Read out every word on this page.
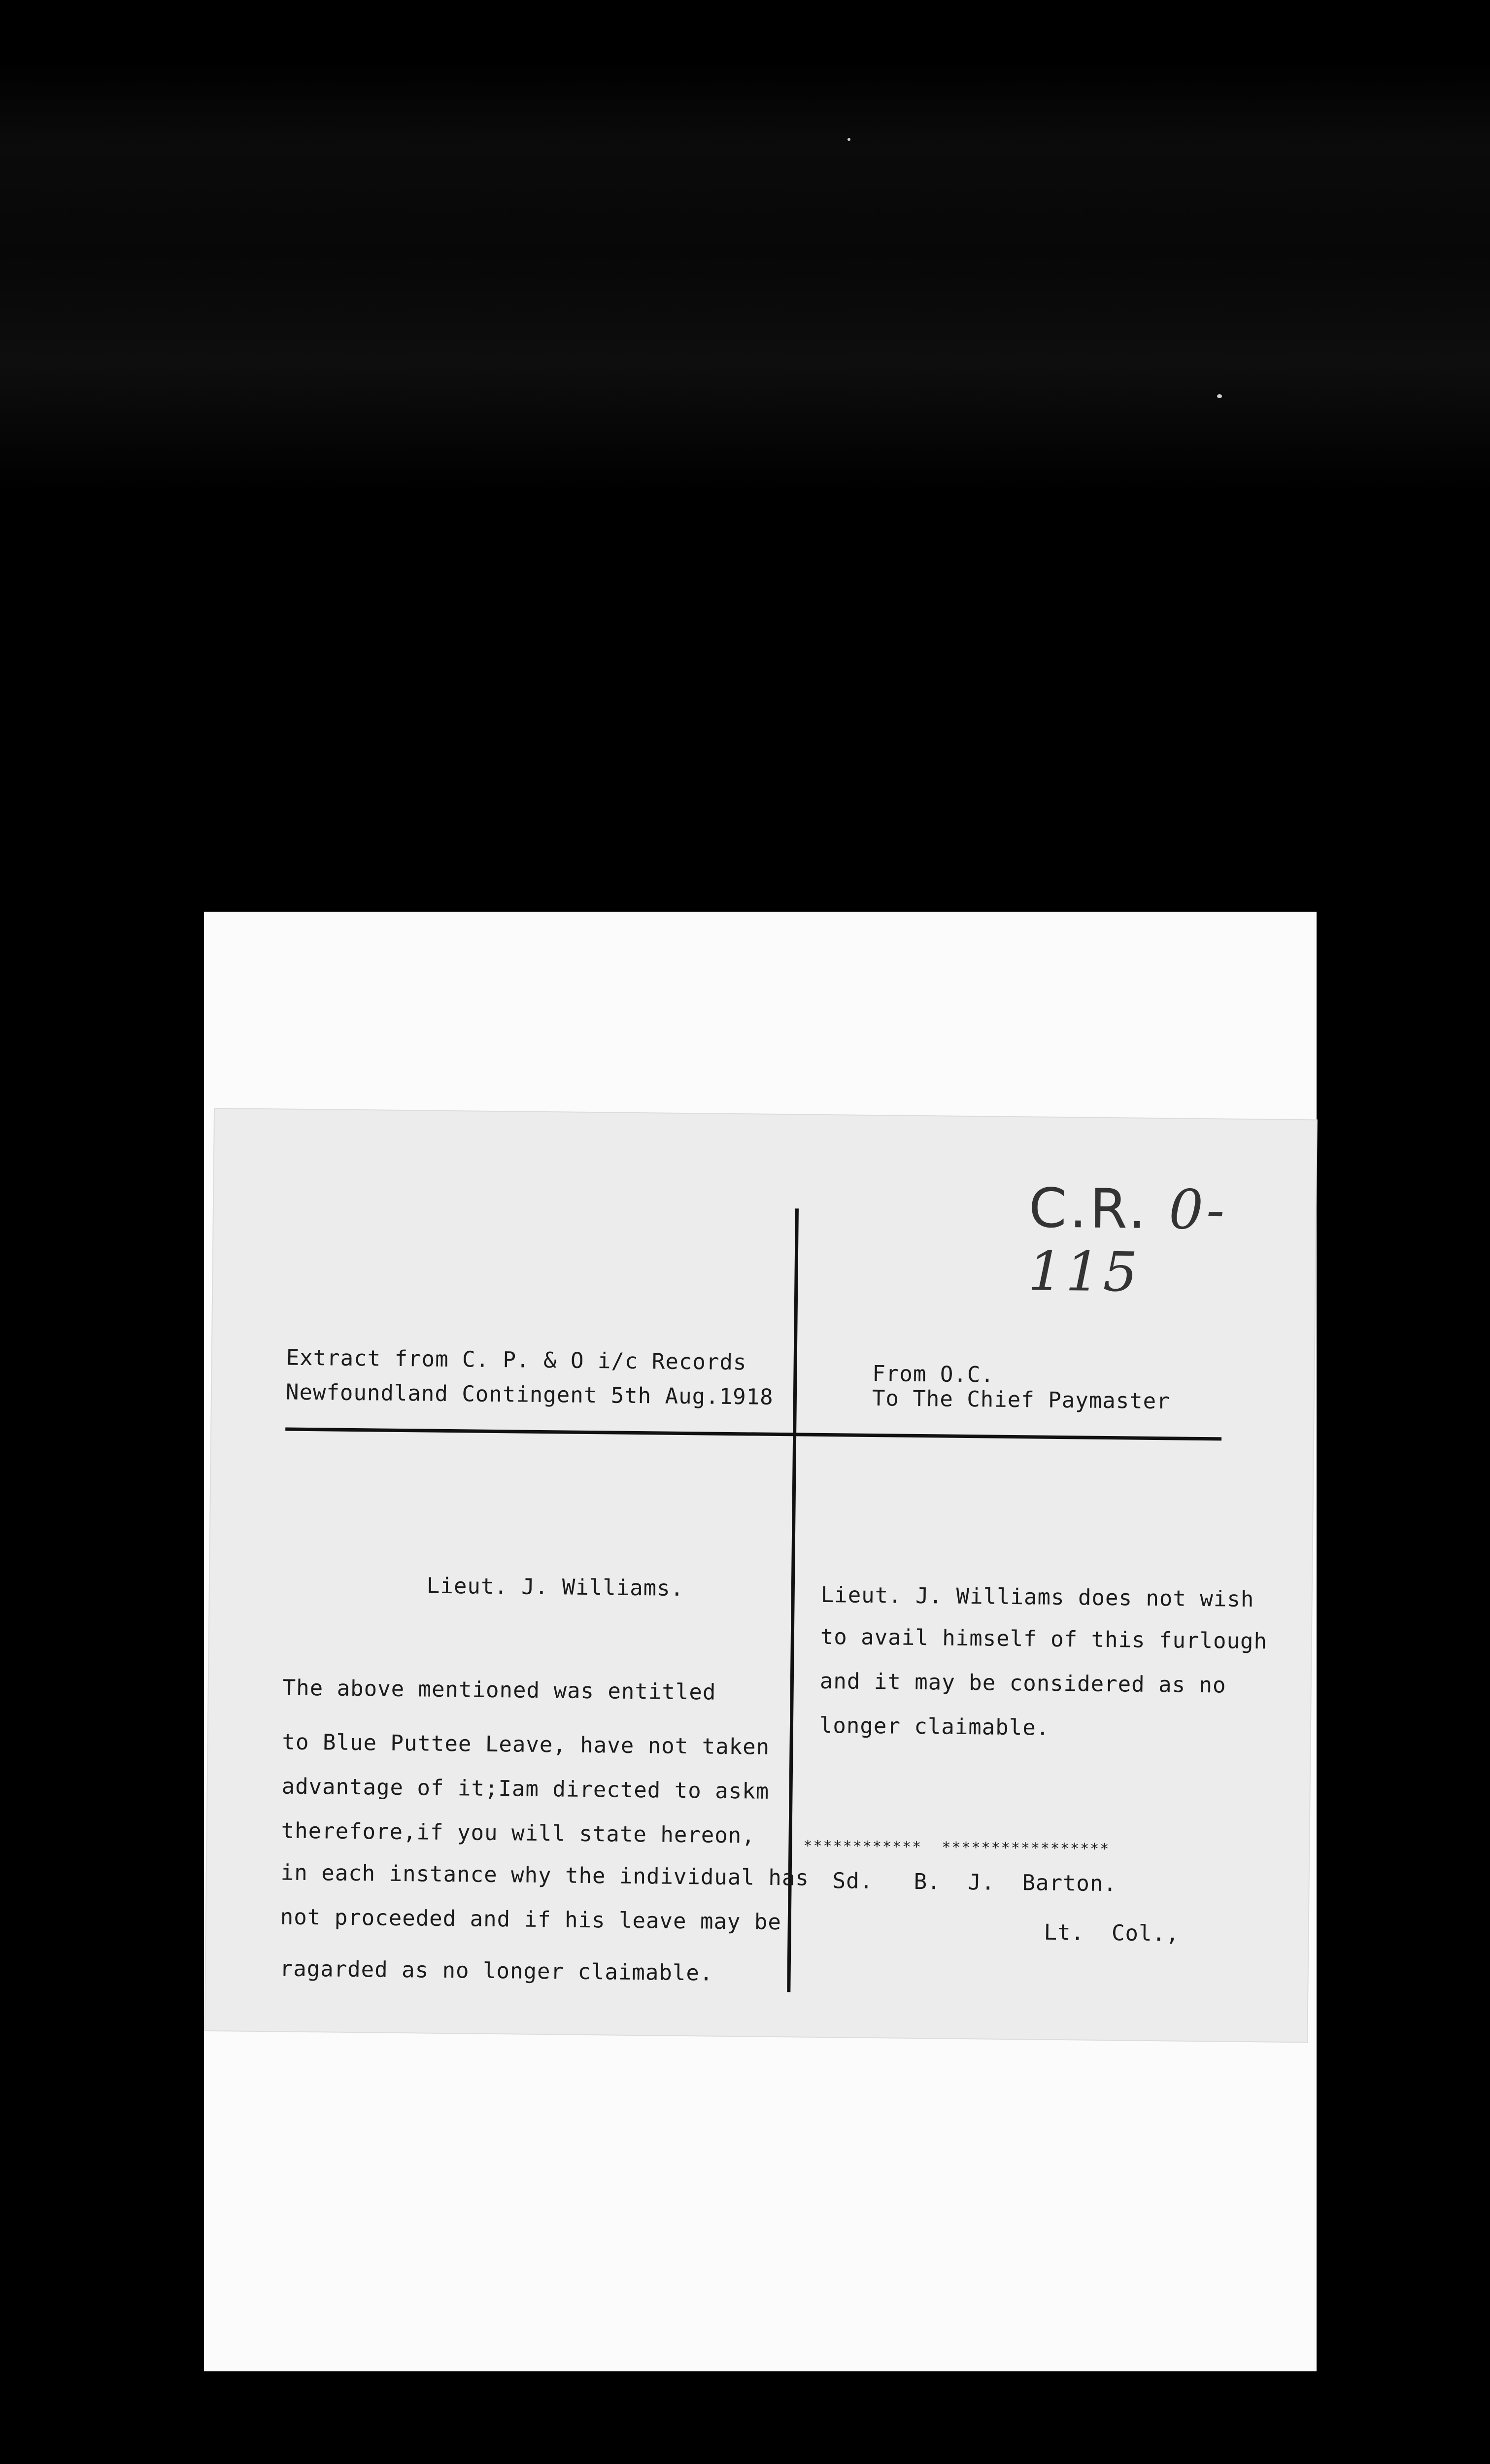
C.R. 0-115
Extract from C. P. & O i/c Records
Newfoundland Contingent 5th Aug.1918
From O.C.
To The Chief Paymaster
Lieut. J. Williams.
The above mentioned was entitled
to Blue Puttee Leave, have not taken
advantage of it;Iam directed to askm
therefore,if you will state hereon,
in each instance why the individual has
not proceeded and if his leave may be
ragarded as no longer claimable.
Lieut. J. Williams does not wish
to avail himself of this furlough
and it may be considered as no
longer claimable.
************  *****************
Sd.   B.  J.  Barton.
Lt.  Col.,
